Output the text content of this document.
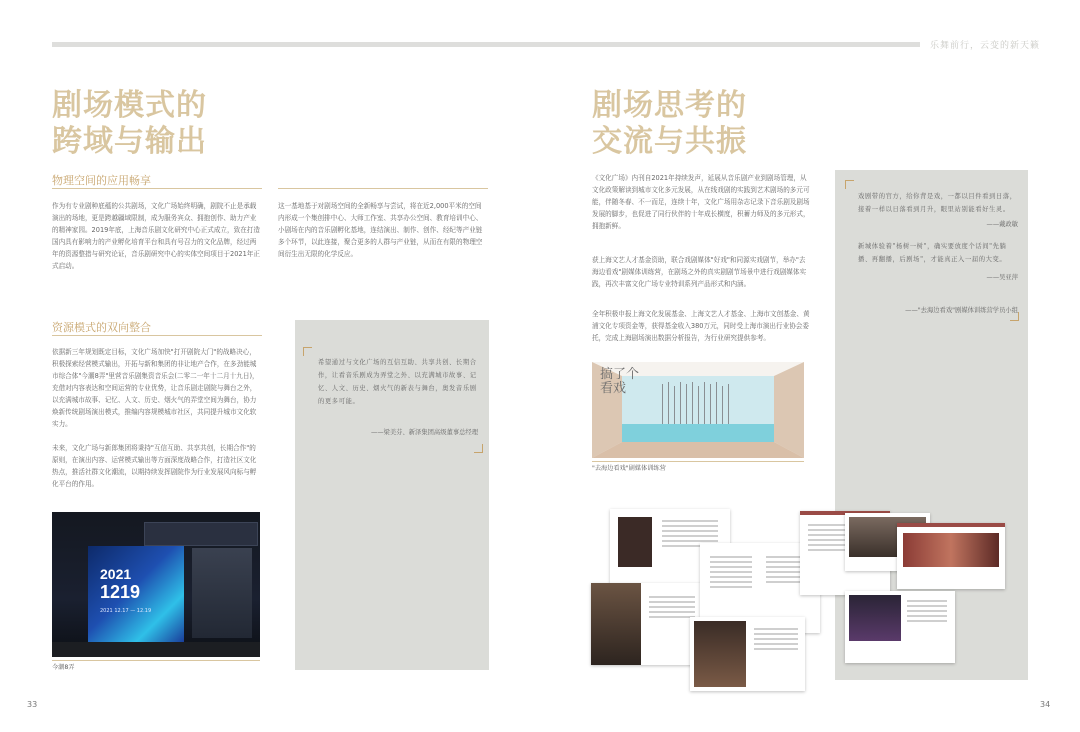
乐舞前行，云变的新天籁
剧场模式的
跨域与输出
物理空间的应用畅享
作为有专业剧种底蕴的公共剧场，文化广场始终明确，剧院不止是承载演出的场地，更是跨越疆域限制，成为服务宾众、拥抱创作、助力产业的精神家园。2019年底，上海音乐剧文化研究中心正式成立，致在打造国内具有影响力的产业孵化培育平台和具有号召力的文化品牌，经过两年的资源整措与研究论证，音乐剧研究中心的实体空间项目于2021年正式启动。
这一基地基于对剧场空间的全新畅享与尝试，将在近2,000平米的空间内形成一个集创排中心、大师工作室、共享办公空间、教育培训中心、小剧场在内的音乐剧孵化基地，连结演出、制作、创作、经纪等产业链多个环节，以此连接，聚合更多的人群与产业链，从而在有限的物理空间衍生出无限的化学反应。
资源模式的双向整合
依据新三年规划既定目标，文化广场加快"打开剧院大门"的战略决心，积极探索经营模式输出，开拓与新和集团的非让地产合作，在多劲能城市综合体"今潮8弄"里营音乐剧集资音乐会(二零二一年十二月十九日)，充借对内容表达和空间运营的专业优势，让音乐剧走剧院与舞台之外，以充满城市故事、记忆、人文、历史、烟火气的弄堂空间为舞台，协力焕新传统剧场演出模式，推编内容规模城市社区，共同提升城市文化软实力。
未来，文化广场与新郎集团将秉持"互信互助、共享共创，长期合作"的原则，在演出内容、运营模式输出等方面深度战略合作，打造社区文化热点，推活社群文化潮流，以期持续发挥剧院作为行业发展风向标与孵化平台的作用。
希望通过与文化广场的互信互助、共享共创、长期合作，让看音乐剧成为弄堂之外、以充满城市故事、记忆、人文、历史、烟火气的新表与舞台，奥发音乐剧的更多可能。
——梁美芬、新泽集团高级董事总经理
2021
1219
2021 12.17 — 12.19
今潮8弄
33
剧场思考的
交流与共振
《文化广场》内刊自2021年持续发声，延展从音乐剧产业到剧场管理，从文化政策解读到城市文化多元发展，从在线戏剧的实践到艺术剧场的多元可能，伴随冬春、不一而足，连续十年，文化广场用杂志记录下音乐剧及剧场发展的脚步，也促进了同行伙伴的十年成长横度，积蓄力师及的多元形式，拥抱新鲜。
获上海文艺人才基金资助，联合戏剧媒体"好戏"和同源实戏剧节，举办"去海边看戏"剧媒体训练营，在剧场之外的真实剧剧节场景中进行戏剧媒体实践，再次丰富文化广场专业特训系列产品形式和内涵。
全年积极申报上海文化发展基金、上海文艺人才基金、上海市文创基金、黄浦文化专项资金等，获得基金收入380万元，同时受上海市演出行业协会委托，完成上海剧场演出数据分析报告，为行业研究提供参考。
搞了个 看戏
"去海边看戏"剧媒体训练营
戏剧带的官方，给你背是戏，一都以目件看到日落，接着一样以日落看到月升，眼里站别能看好生灵。
——戴政敏
新城体验着"杨树一树"，确实要放度个话间"先躺播、再翻播，后剧场"，才能真正入一届的大变。
——吴亚萍
——"去海边看戏"剧媒体训练营学员小组
34
